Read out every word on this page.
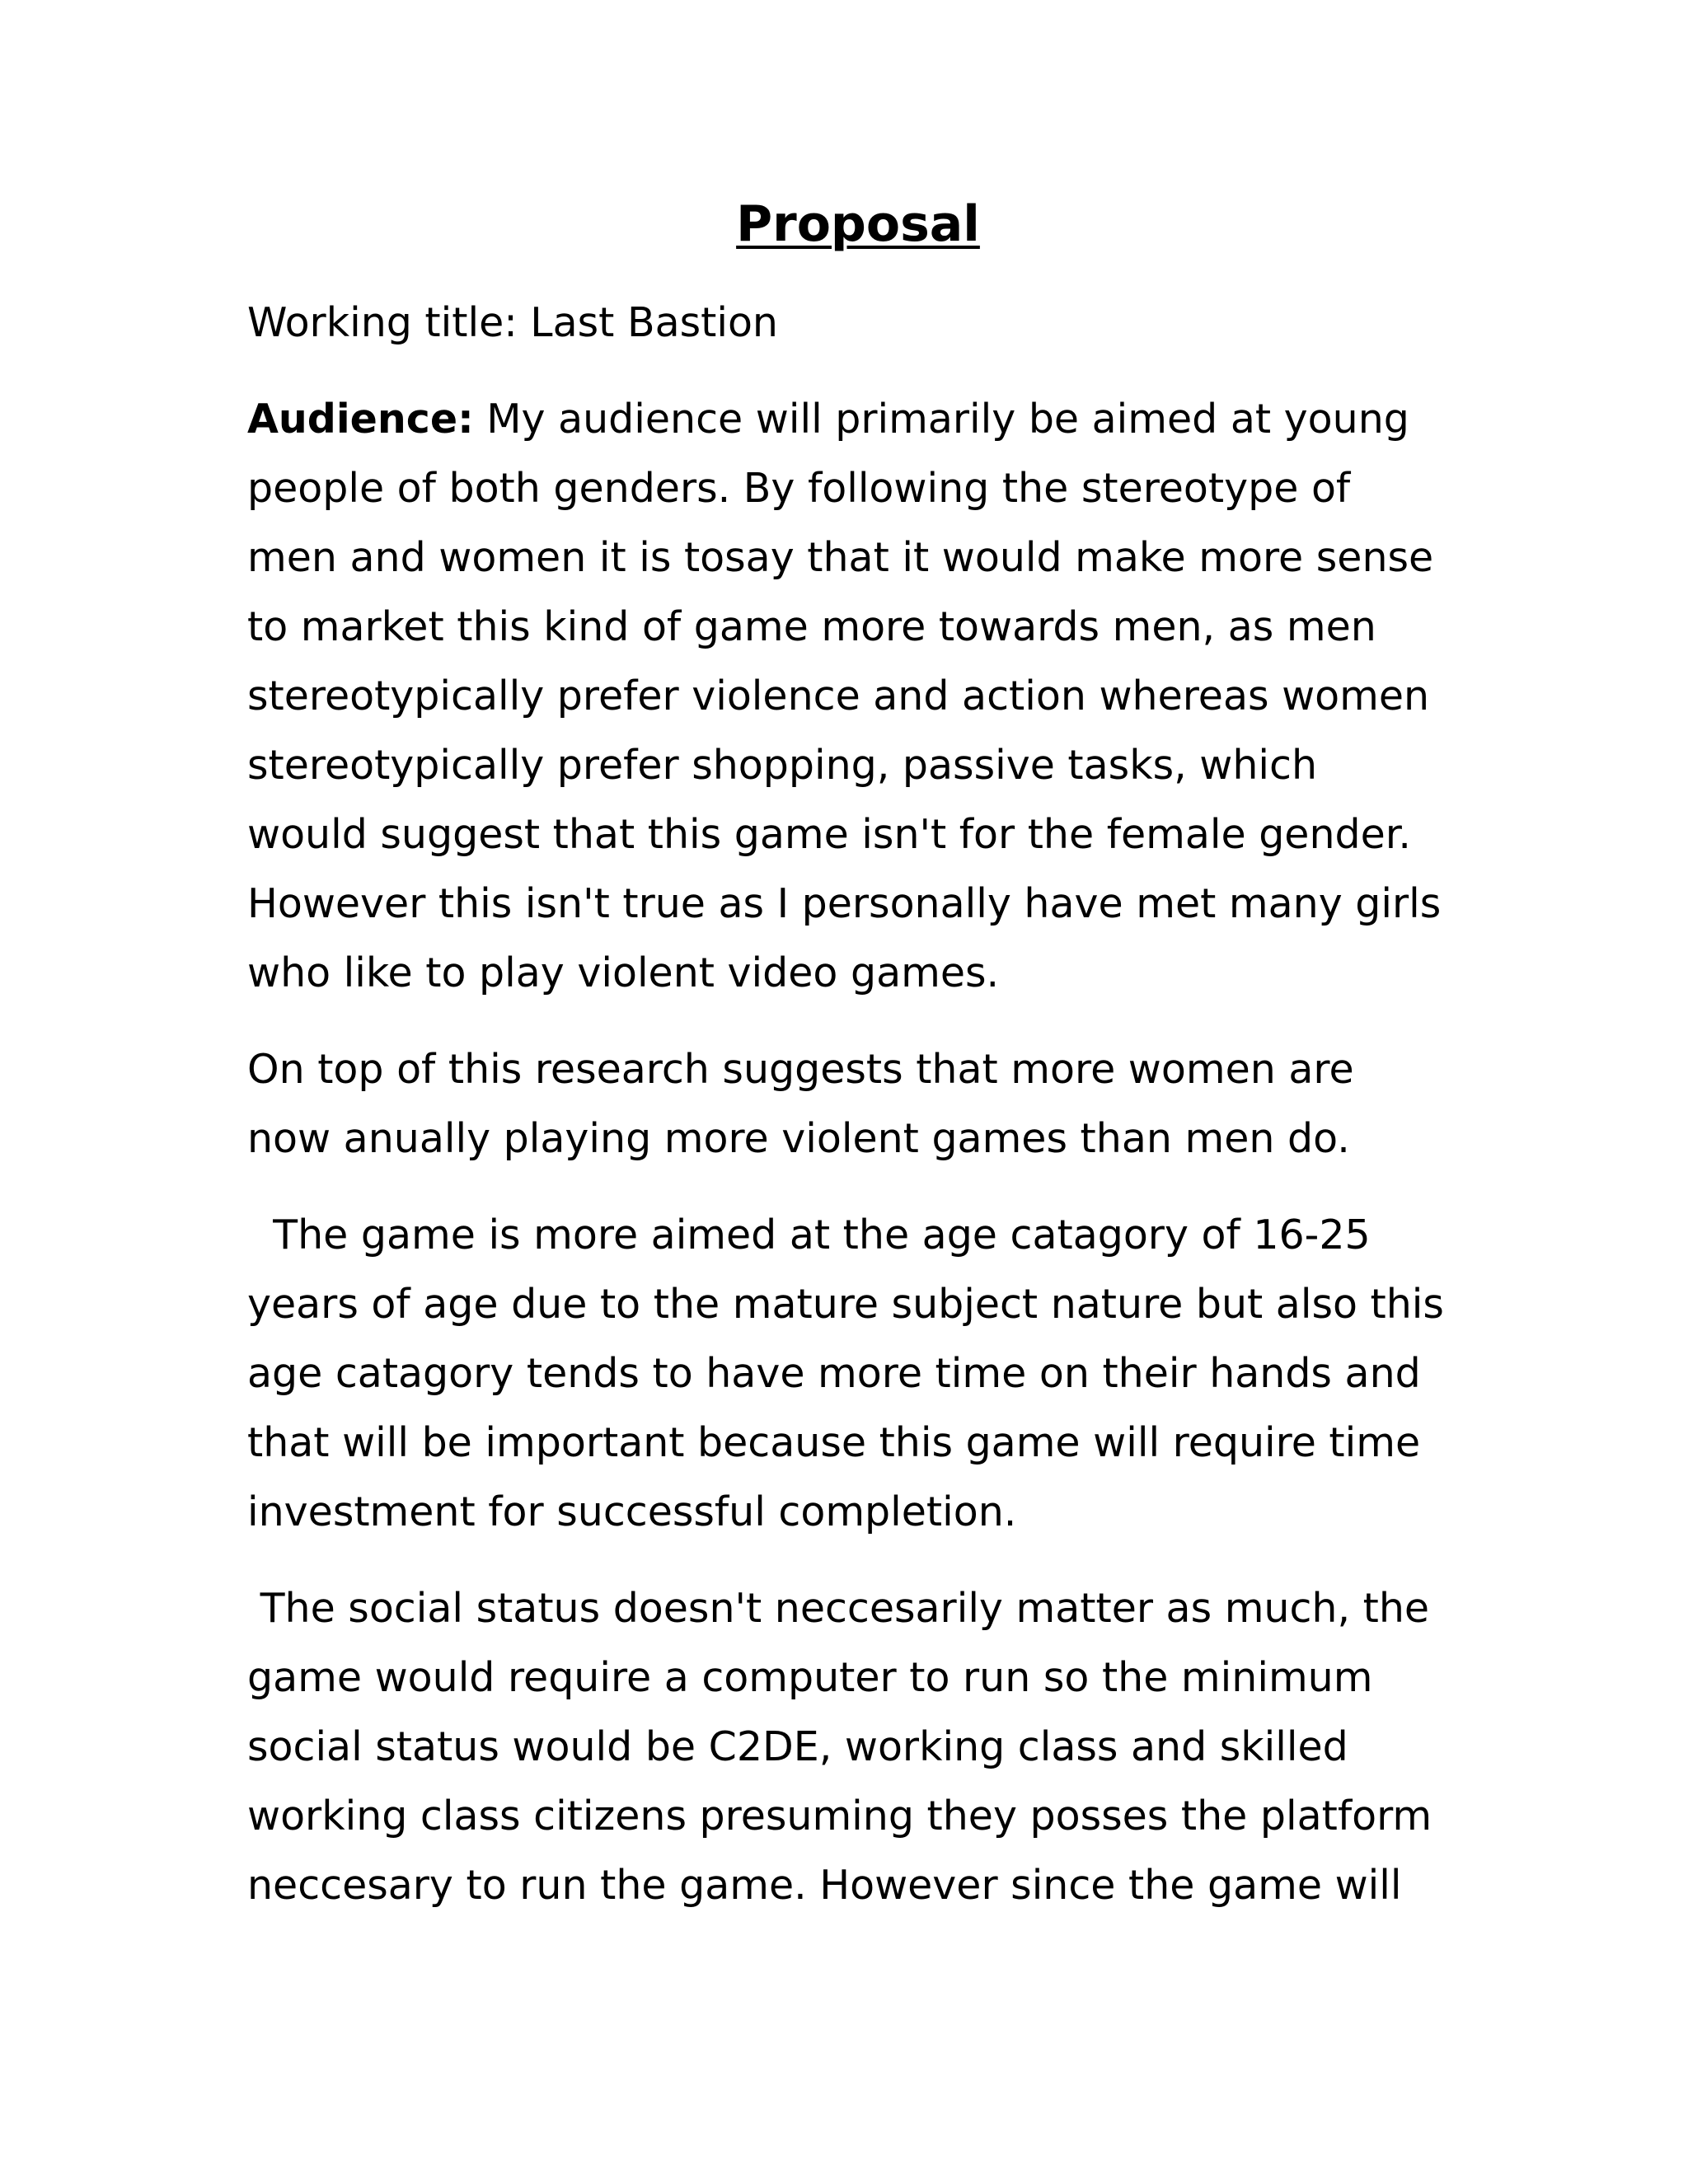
Proposal

Working title: Last Bastion

Audience: My audience will primarily be aimed at young
people of both genders. By following the stereotype of
men and women it is tosay that it would make more sense
to market this kind of game more towards men, as men
stereotypically prefer violence and action whereas women
stereotypically prefer shopping, passive tasks, which
would suggest that this game isn't for the female gender.
However this isn't true as I personally have met many girls
who like to play violent video games.

On top of this research suggests that more women are
now anually playing more violent games than men do.

The game is more aimed at the age catagory of 16-25
years of age due to the mature subject nature but also this
age catagory tends to have more time on their hands and
that will be important because this game will require time
investment for successful completion.

The social status doesn't neccesarily matter as much, the
game would require a computer to run so the minimum
social status would be C2DE, working class and skilled
working class citizens presuming they posses the platform
neccesary to run the game. However since the game will
